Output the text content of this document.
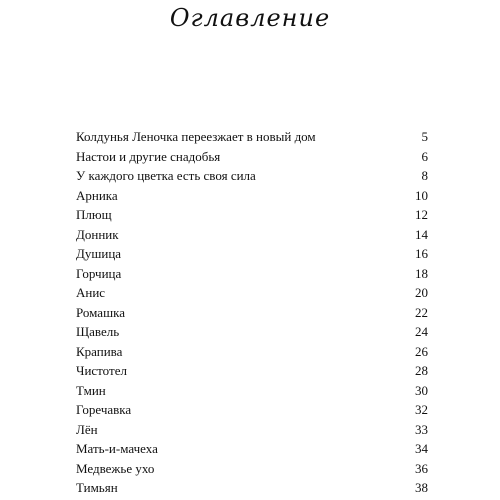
Оглавление
Колдунья Леночка переезжает в новый дом	5
Настои и другие снадобья	6
У каждого цветка есть своя сила	8
Арника	10
Плющ	12
Донник	14
Душица	16
Горчица	18
Анис	20
Ромашка	22
Щавель	24
Крапива	26
Чистотел	28
Тмин	30
Горечавка	32
Лён	33
Мать-и-мачеха	34
Медвежье ухо	36
Тимьян	38
